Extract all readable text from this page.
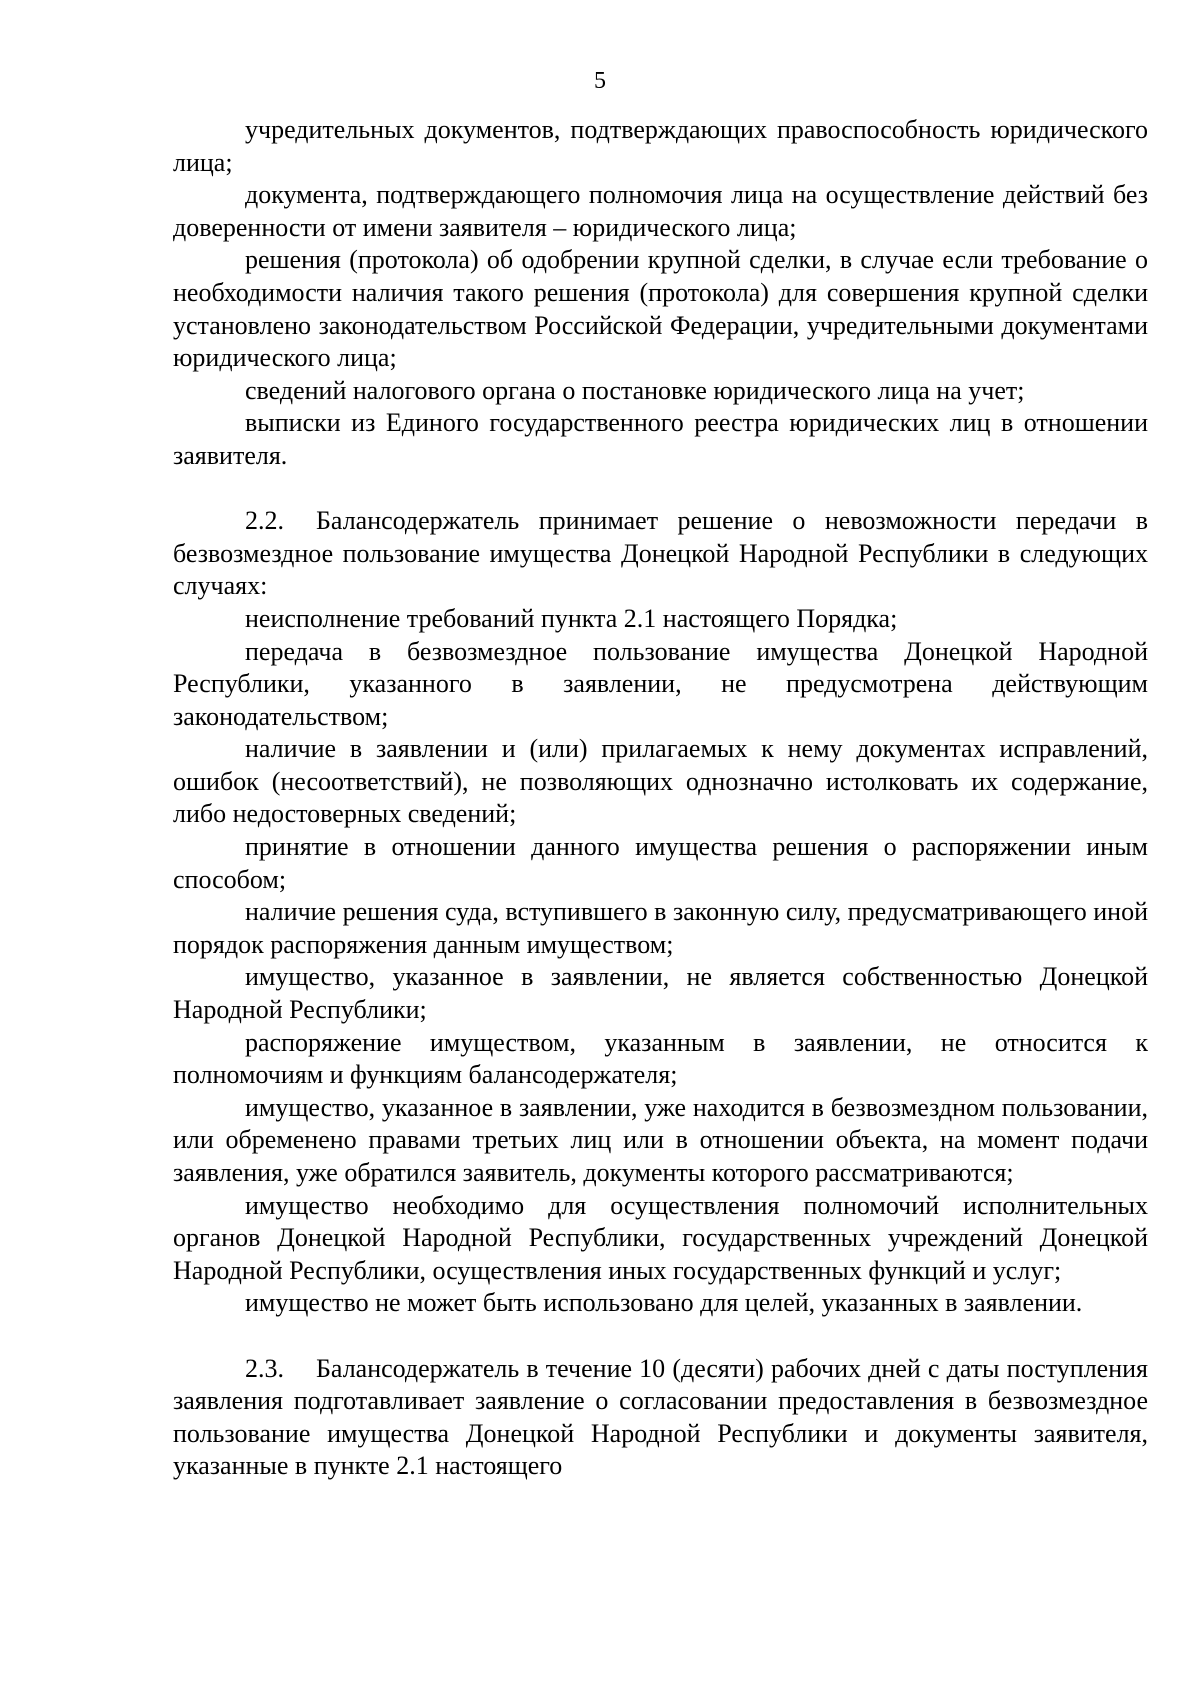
5

учредительных документов, подтверждающих правоспособность юридического лица;

документа, подтверждающего полномочия лица на осуществление действий без доверенности от имени заявителя – юридического лица;

решения (протокола) об одобрении крупной сделки, в случае если требование о необходимости наличия такого решения (протокола) для совершения крупной сделки установлено законодательством Российской Федерации, учредительными документами юридического лица;

сведений налогового органа о постановке юридического лица на учет;

выписки из Единого государственного реестра юридических лиц в отношении заявителя.

2.2. Балансодержатель принимает решение о невозможности передачи в безвозмездное пользование имущества Донецкой Народной Республики в следующих случаях:

неисполнение требований пункта 2.1 настоящего Порядка;

передача в безвозмездное пользование имущества Донецкой Народной Республики, указанного в заявлении, не предусмотрена действующим законодательством;

наличие в заявлении и (или) прилагаемых к нему документах исправлений, ошибок (несоответствий), не позволяющих однозначно истолковать их содержание, либо недостоверных сведений;

принятие в отношении данного имущества решения о распоряжении иным способом;

наличие решения суда, вступившего в законную силу, предусматривающего иной порядок распоряжения данным имуществом;

имущество, указанное в заявлении, не является собственностью Донецкой Народной Республики;

распоряжение имуществом, указанным в заявлении, не относится к полномочиям и функциям балансодержателя;

имущество, указанное в заявлении, уже находится в безвозмездном пользовании, или обременено правами третьих лиц или в отношении объекта, на момент подачи заявления, уже обратился заявитель, документы которого рассматриваются;

имущество необходимо для осуществления полномочий исполнительных органов Донецкой Народной Республики, государственных учреждений Донецкой Народной Республики, осуществления иных государственных функций и услуг;

имущество не может быть использовано для целей, указанных в заявлении.

2.3. Балансодержатель в течение 10 (десяти) рабочих дней с даты поступления заявления подготавливает заявление о согласовании предоставления в безвозмездное пользование имущества Донецкой Народной Республики и документы заявителя, указанные в пункте 2.1 настоящего
